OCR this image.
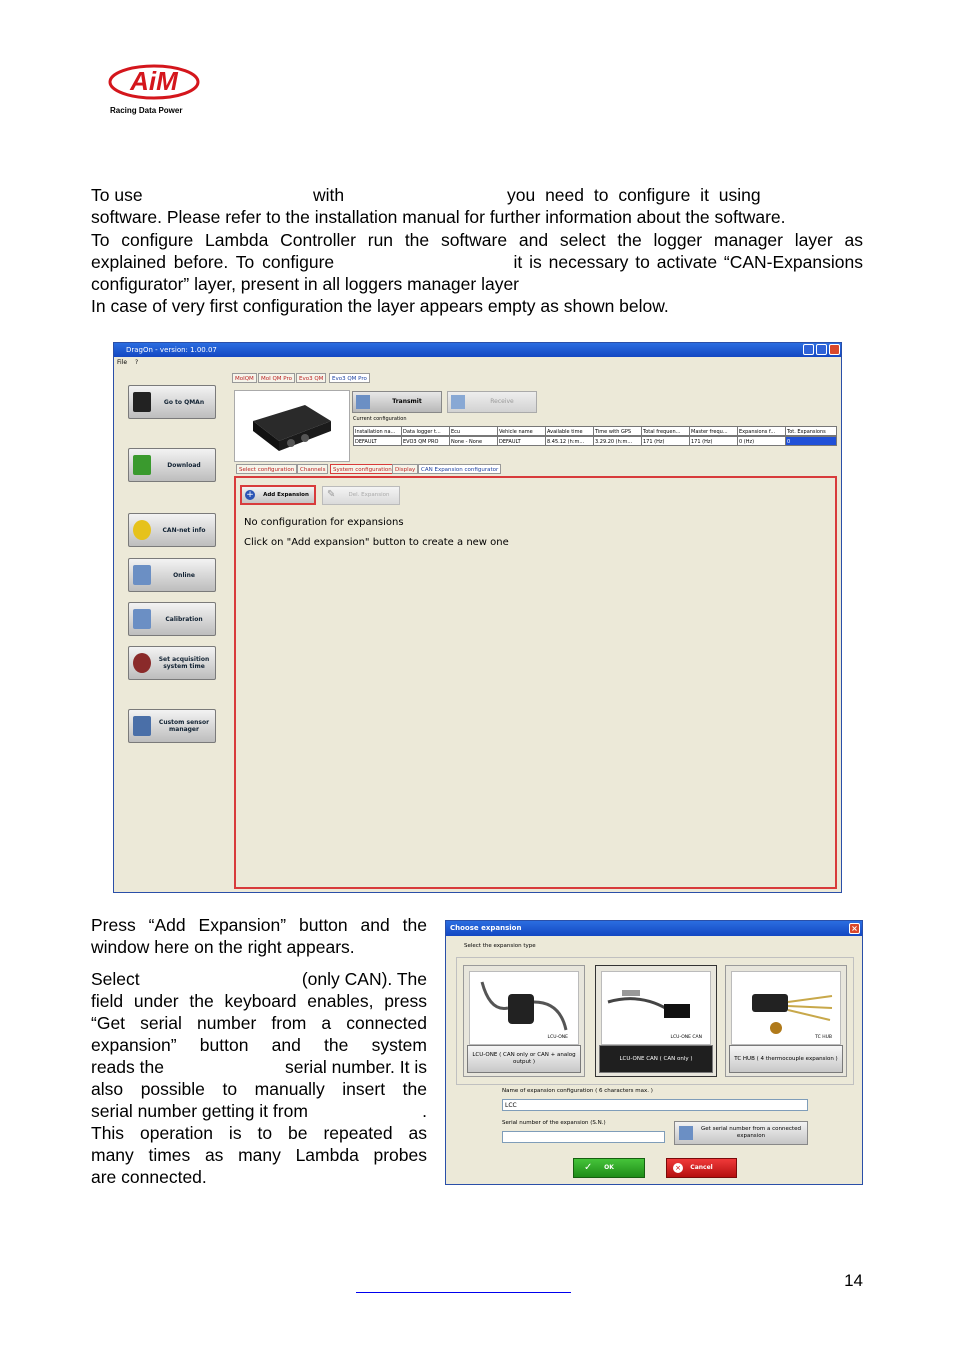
AiM
Racing Data Power
To use	with	you need to configure it using
software. Please refer to the installation manual for further information about the software.
To configure Lambda Controller run the software and select the logger manager layer as
explained before. To configure	it is necessary to activate “CAN-Expansions
configurator” layer, present in all loggers manager layer
In case of very first configuration the layer appears empty as shown below.
DragOn - version: 1.00.07
File ?
Go to QMAn
Download
CAN-net info
Online
Calibration
Set acquisition system time
Custom sensor manager
MoIQM	MoI QM Pro	Evo3 QM	Evo3 QM Pro
Transmit	Receive
Current configuration
Installation na...	Data logger t...	Ecu	Vehicle name	Available time	Time with GPS	Total frequen...	Master frequ...	Expansions f...	Tot. Expansions
DEFAULT	EVO3 QM PRO	None - None	DEFAULT	8.45.12 (h:m...	3.29.20 (h:m...	171 (Hz)	171 (Hz)	0 (Hz)	0
Select configuration	Channels	System configuration Display	CAN Expansion configurator
+	Add Expansion	✎	Del. Expansion
No configuration for expansions
Click on "Add expansion" button to create a new one
Press “Add Expansion” button and the
window here on the right appears.
Select	(only CAN). The
field under the keyboard enables, press
“Get serial number from a connected
expansion” button and the system
reads the	serial number. It is
also possible to manually insert the
serial number getting it from	.
This operation is to be repeated as
many times as many Lambda probes
are connected.
Choose expansion	×
Select the expansion type
LCU-ONE
LCU-ONE ( CAN only or CAN + analog output )
LCU-ONE CAN
LCU-ONE CAN ( CAN only )
TC HUB
TC HUB ( 4 thermocouple expansion )
Name of expansion configuration ( 6 characters max. )
LCC
Serial number of the expansion (S.N.)
Get serial number from a connected expansion
✓	OK	×	Cancel
14
